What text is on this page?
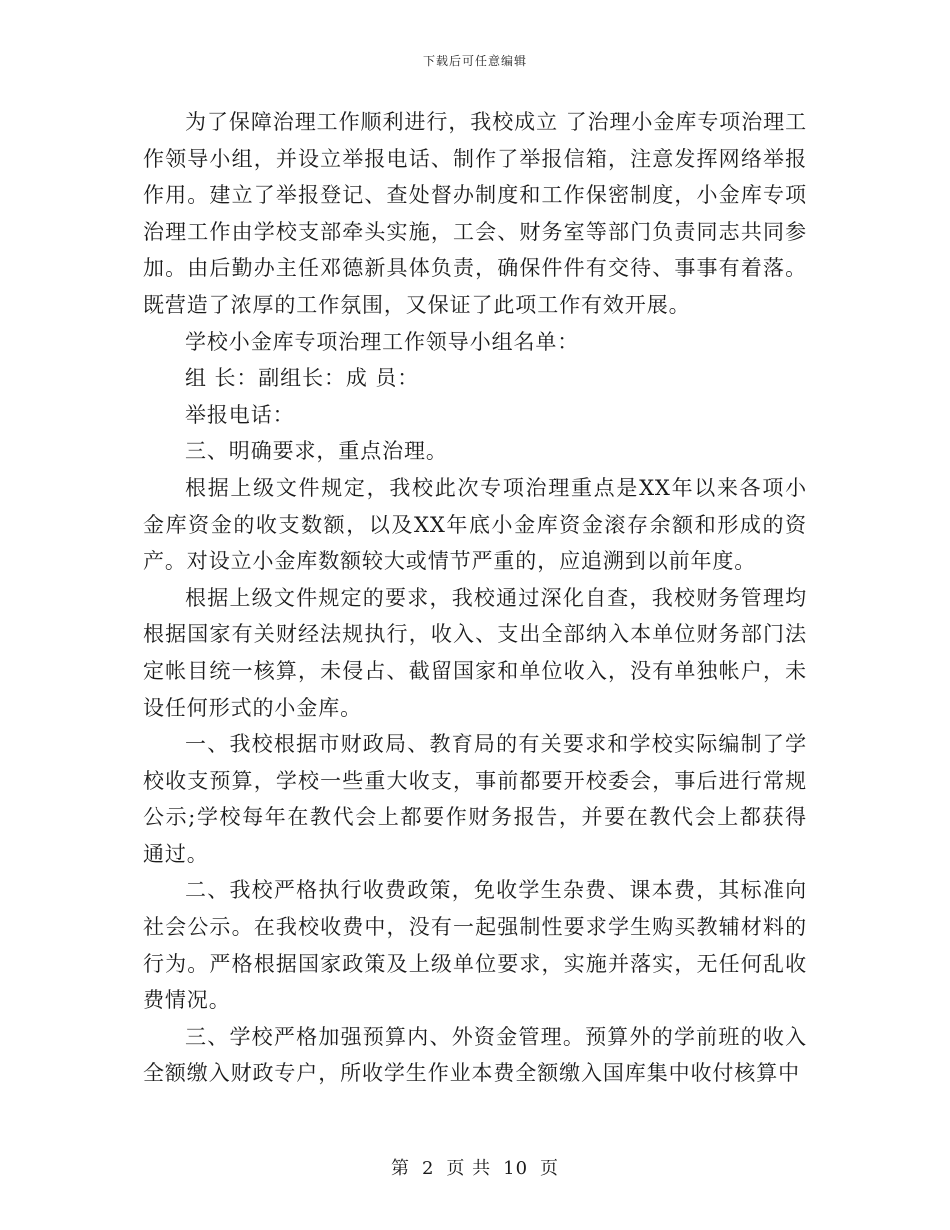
下载后可任意编辑

为了保障治理工作顺利进行，我校成立 了治理小金库专项治理工作领导小组，并设立举报电话、制作了举报信箱，注意发挥网络举报作用。建立了举报登记、查处督办制度和工作保密制度，小金库专项治理工作由学校支部牵头实施，工会、财务室等部门负责同志共同参加。由后勤办主任邓德新具体负责，确保件件有交待、事事有着落。既营造了浓厚的工作氛围，又保证了此项工作有效开展。

学校小金库专项治理工作领导小组名单：

组 长：副组长：成 员：

举报电话：

三、明确要求，重点治理。

根据上级文件规定，我校此次专项治理重点是XX年以来各项小金库资金的收支数额，以及XX年底小金库资金滚存余额和形成的资产。对设立小金库数额较大或情节严重的，应追溯到以前年度。

根据上级文件规定的要求，我校通过深化自查，我校财务管理均根据国家有关财经法规执行，收入、支出全部纳入本单位财务部门法定帐目统一核算，未侵占、截留国家和单位收入，没有单独帐户，未设任何形式的小金库。

一、我校根据市财政局、教育局的有关要求和学校实际编制了学校收支预算，学校一些重大收支，事前都要开校委会，事后进行常规公示;学校每年在教代会上都要作财务报告，并要在教代会上都获得通过。

二、我校严格执行收费政策，免收学生杂费、课本费，其标准向社会公示。在我校收费中，没有一起强制性要求学生购买教辅材料的行为。严格根据国家政策及上级单位要求，实施并落实，无任何乱收费情况。

三、学校严格加强预算内、外资金管理。预算外的学前班的收入全额缴入财政专户，所收学生作业本费全额缴入国库集中收付核算中

第 2 页 共 10 页
